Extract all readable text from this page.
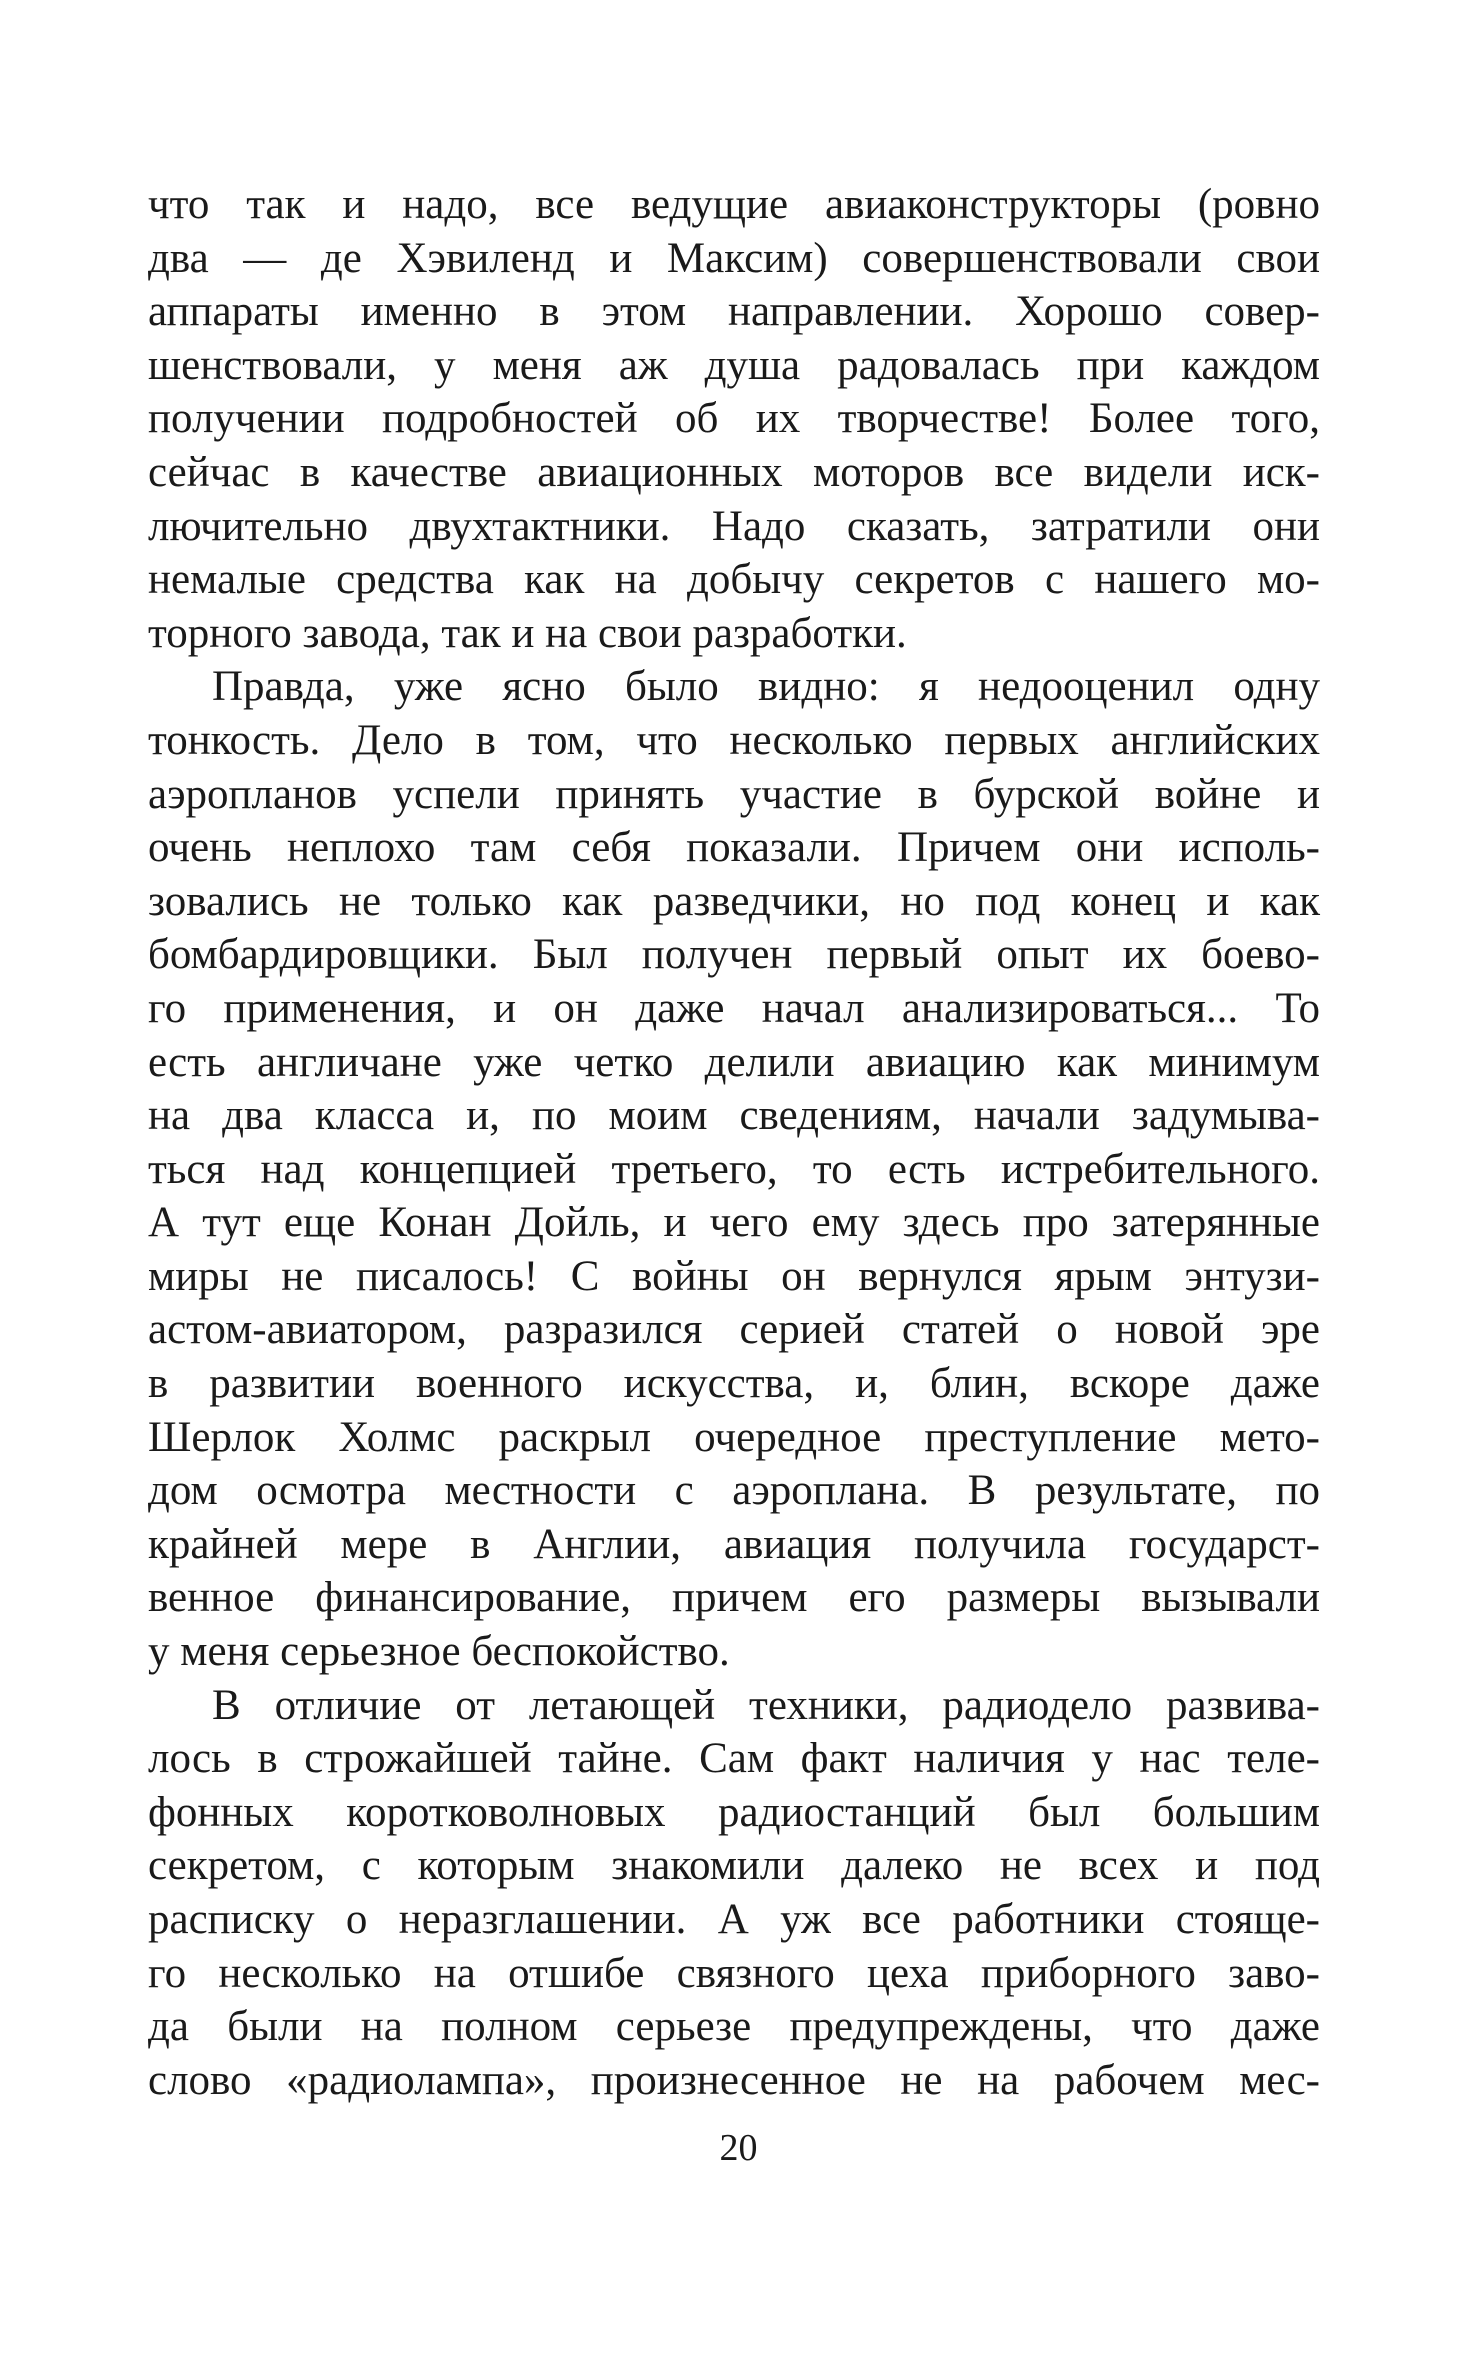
что так и надо, все ведущие авиаконструкторы (ровно
два — де Хэвиленд и Максим) совершенствовали свои
аппараты именно в этом направлении. Хорошо совер-
шенствовали, у меня аж душа радовалась при каждом
получении подробностей об их творчестве! Более того,
сейчас в качестве авиационных моторов все видели иск-
лючительно двухтактники. Надо сказать, затратили они
немалые средства как на добычу секретов с нашего мо-
торного завода, так и на свои разработки.
Правда, уже ясно было видно: я недооценил одну
тонкость. Дело в том, что несколько первых английских
аэропланов успели принять участие в бурской войне и
очень неплохо там себя показали. Причем они исполь-
зовались не только как разведчики, но под конец и как
бомбардировщики. Был получен первый опыт их боево-
го применения, и он даже начал анализироваться... То
есть англичане уже четко делили авиацию как минимум
на два класса и, по моим сведениям, начали задумыва-
ться над концепцией третьего, то есть истребительного.
А тут еще Конан Дойль, и чего ему здесь про затерянные
миры не писалось! С войны он вернулся ярым энтузи-
астом-авиатором, разразился серией статей о новой эре
в развитии военного искусства, и, блин, вскоре даже
Шерлок Холмс раскрыл очередное преступление мето-
дом осмотра местности с аэроплана. В результате, по
крайней мере в Англии, авиация получила государст-
венное финансирование, причем его размеры вызывали
у меня серьезное беспокойство.
В отличие от летающей техники, радиодело развива-
лось в строжайшей тайне. Сам факт наличия у нас теле-
фонных коротковолновых радиостанций был большим
секретом, с которым знакомили далеко не всех и под
расписку о неразглашении. А уж все работники стояще-
го несколько на отшибе связного цеха приборного заво-
да были на полном серьезе предупреждены, что даже
слово «радиолампа», произнесенное не на рабочем мес-
20
